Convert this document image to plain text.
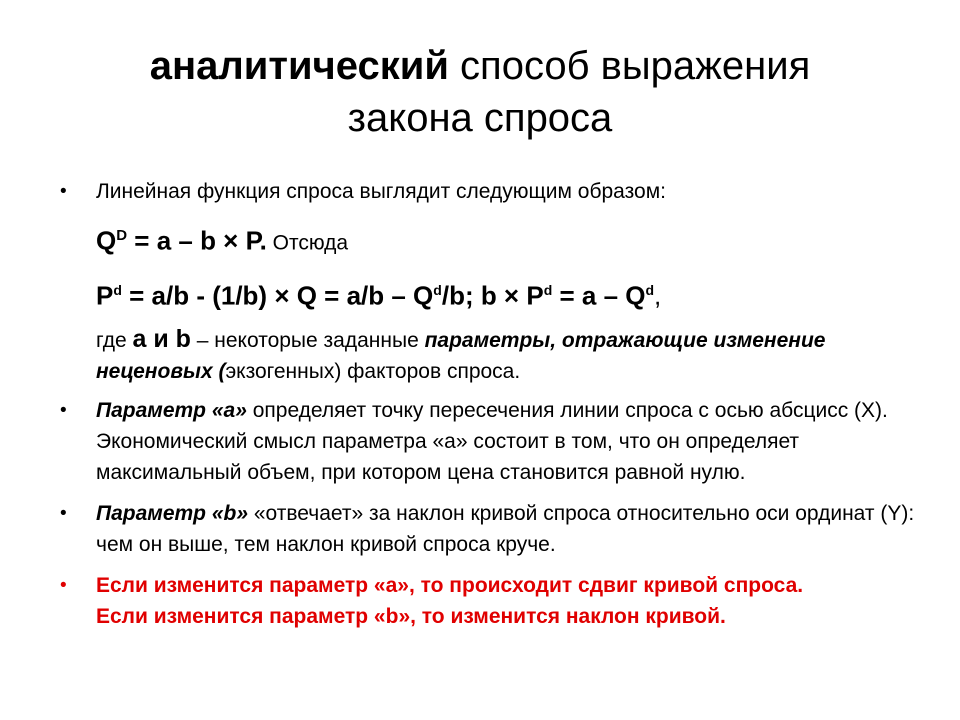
аналитический способ выражения
закона спроса
•	Линейная функция спроса выглядит следующим образом:
$Q^D = a - b \times P$. Отсюда
$P^d = a/b - (1/b) \times Q = a/b - Q^d/b$; $b \times P^d = a - Q^d$,
где a и b – некоторые заданные параметры, отражающие изменение неценовых (экзогенных) факторов спроса.
•	Параметр «а» определяет точку пересечения линии спроса с осью абсцисс (Х). Экономический смысл параметра «а» состоит в том, что он определяет максимальный объем, при котором цена становится равной нулю.
•	Параметр «b» «отвечает» за наклон кривой спроса относительно оси ординат (Y): чем он выше, тем наклон кривой спроса круче.
•	Если изменится параметр «а», то происходит сдвиг кривой спроса.
Если изменится параметр «b», то изменится наклон кривой.
